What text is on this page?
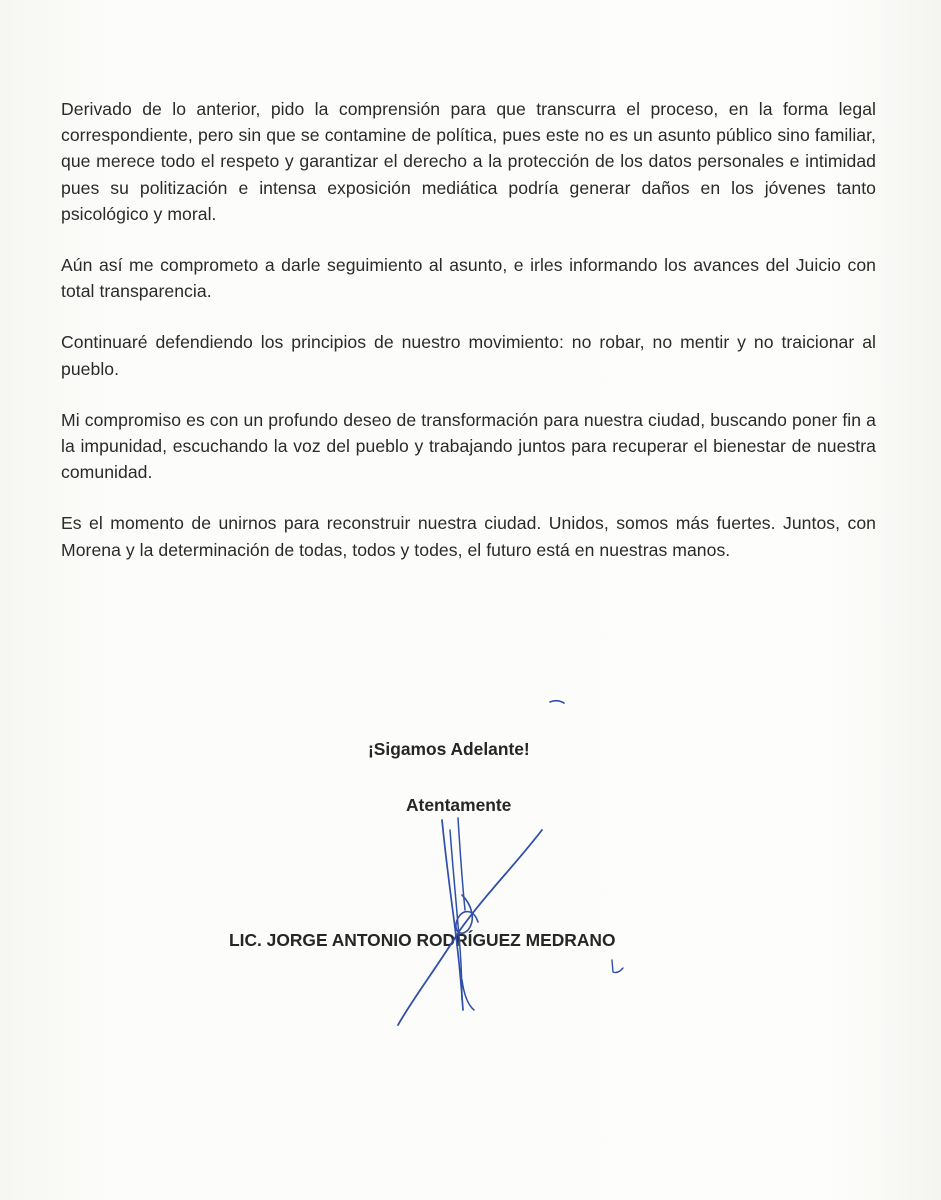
Derivado de lo anterior, pido la comprensión para que transcurra el proceso, en la forma legal correspondiente, pero sin que se contamine de política, pues este no es un asunto público sino familiar, que merece todo el respeto y garantizar el derecho a la protección de los datos personales e intimidad pues su politización e intensa exposición mediática podría generar daños en los jóvenes tanto psicológico y moral.

Aún así me comprometo a darle seguimiento al asunto, e irles informando los avances del Juicio con total transparencia.

Continuaré defendiendo los principios de nuestro movimiento: no robar, no mentir y no traicionar al pueblo.

Mi compromiso es con un profundo deseo de transformación para nuestra ciudad, buscando poner fin a la impunidad, escuchando la voz del pueblo y trabajando juntos para recuperar el bienestar de nuestra comunidad.

Es el momento de unirnos para reconstruir nuestra ciudad. Unidos, somos más fuertes. Juntos, con Morena y la determinación de todas, todos y todes, el futuro está en nuestras manos.

¡Sigamos Adelante!
Atentamente
LIC. JORGE ANTONIO RODRÍGUEZ MEDRANO
